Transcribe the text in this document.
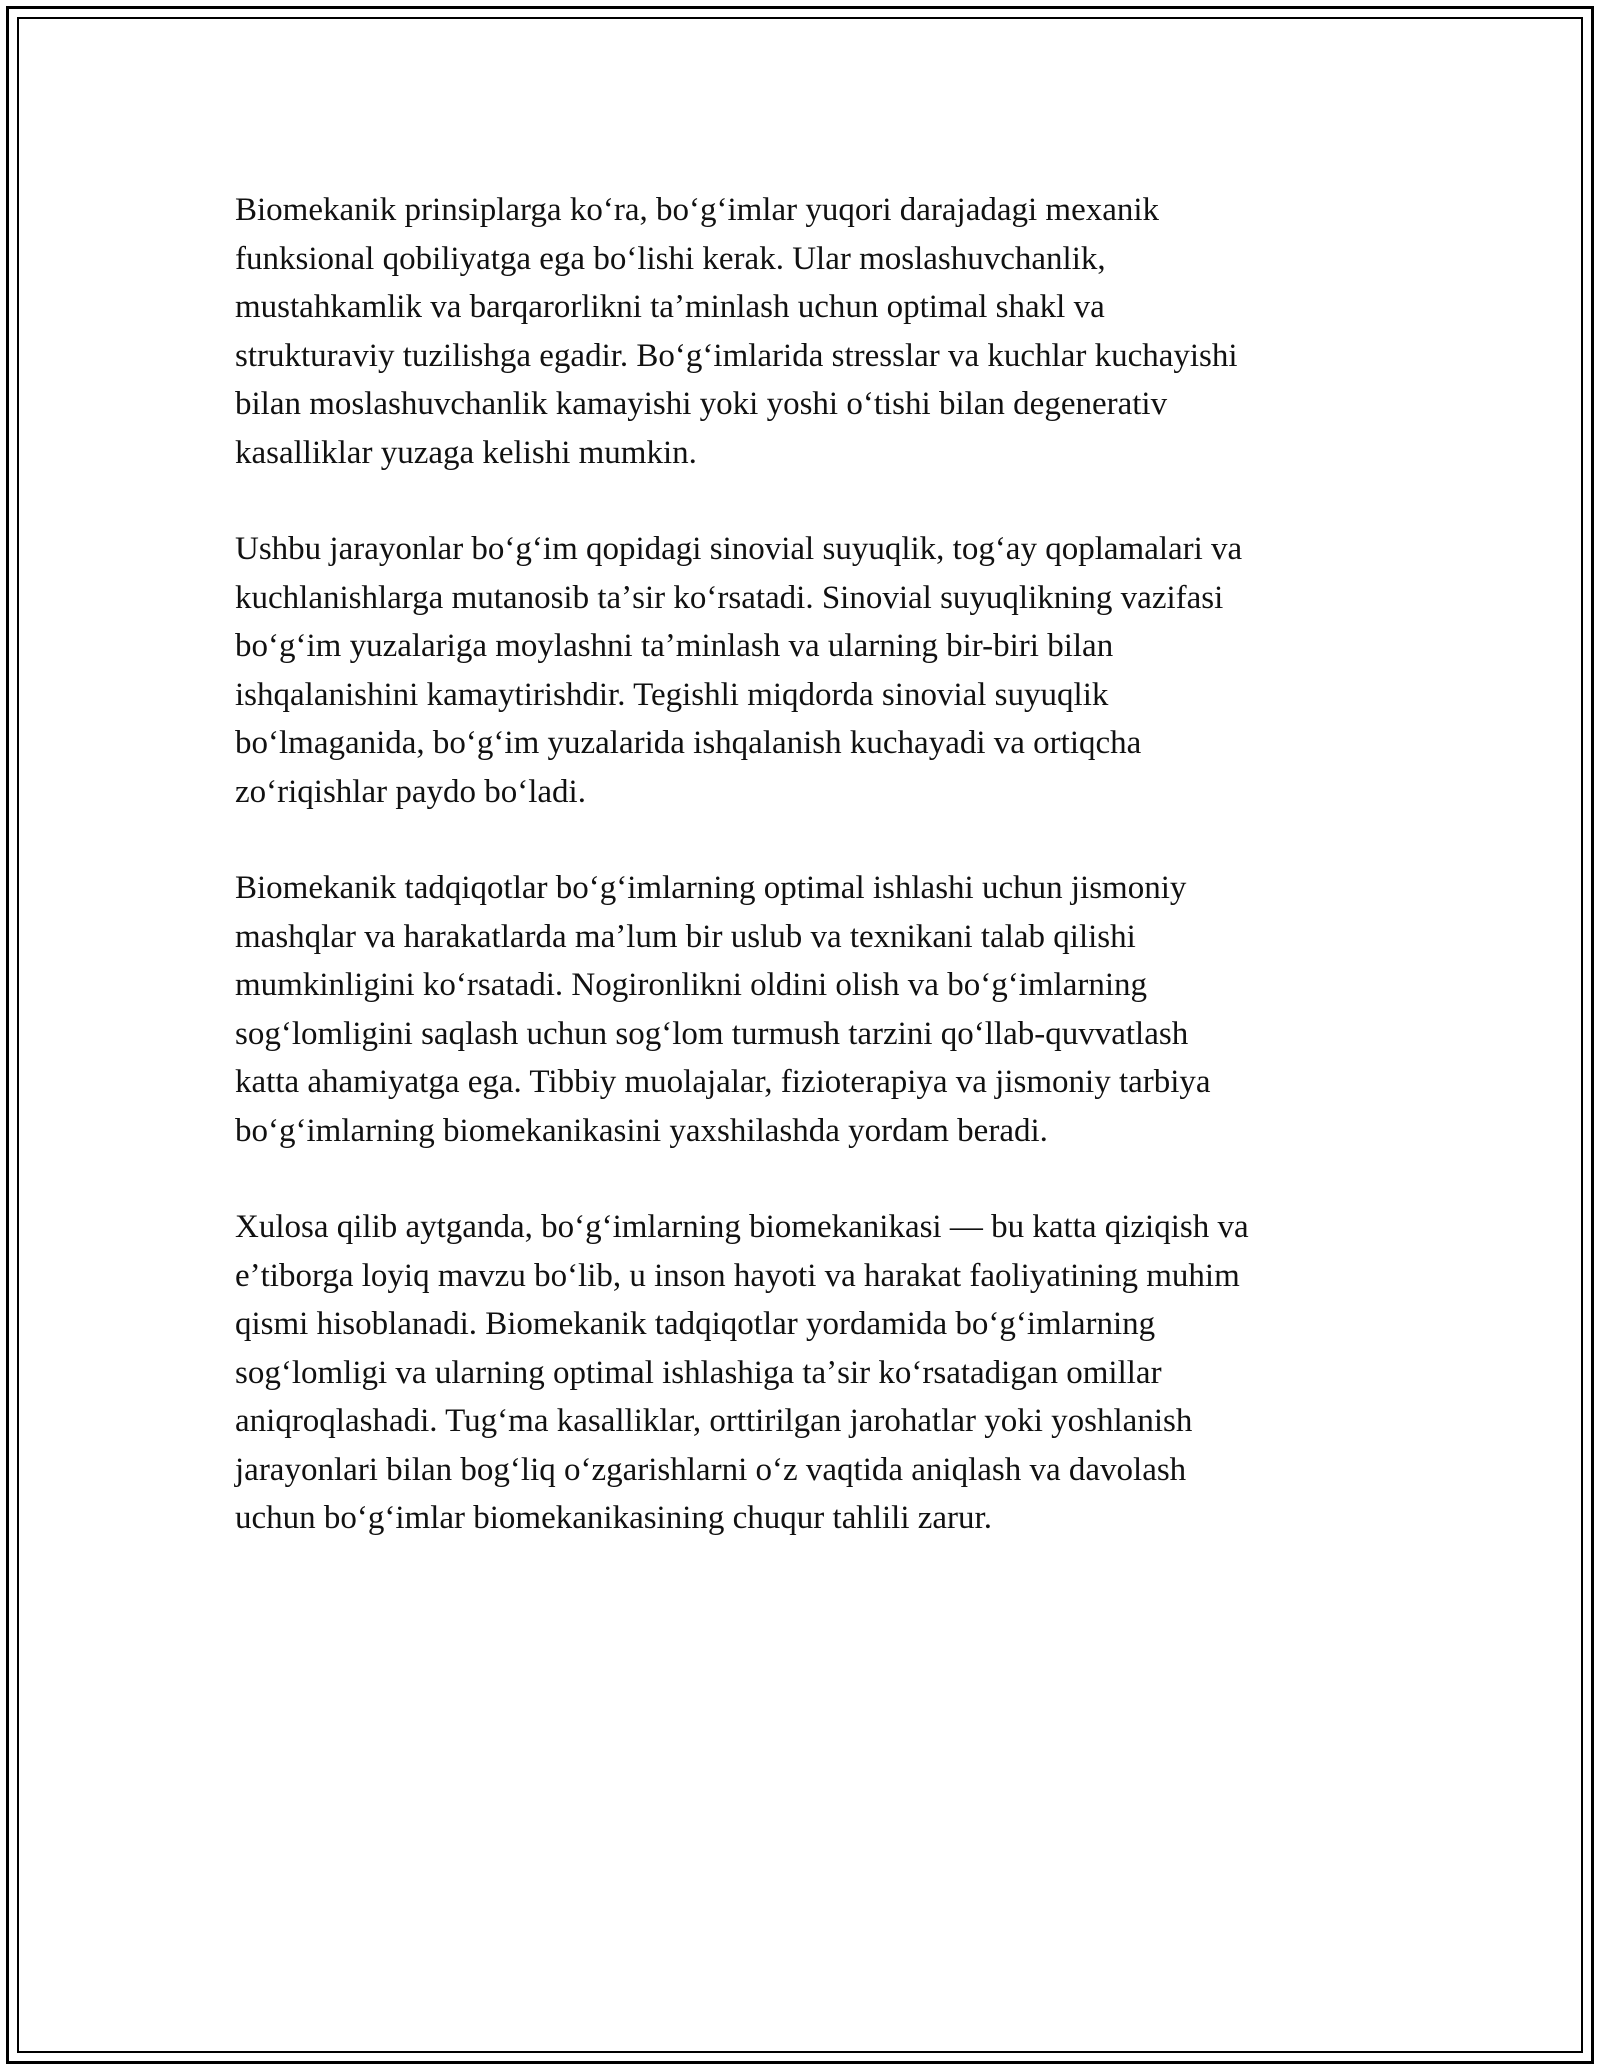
Biomekanik prinsiplarga koʻra, boʻgʻimlar yuqori darajadagi mexanik
funksional qobiliyatga ega boʻlishi kerak. Ular moslashuvchanlik,
mustahkamlik va barqarorlikni taʼminlash uchun optimal shakl va
strukturaviy tuzilishga egadir. Boʻgʻimlarida stresslar va kuchlar kuchayishi
bilan moslashuvchanlik kamayishi yoki yoshi oʻtishi bilan degenerativ
kasalliklar yuzaga kelishi mumkin.

Ushbu jarayonlar boʻgʻim qopidagi sinovial suyuqlik, togʻay qoplamalari va
kuchlanishlarga mutanosib taʼsir koʻrsatadi. Sinovial suyuqlikning vazifasi
boʻgʻim yuzalariga moylashni taʼminlash va ularning bir-biri bilan
ishqalanishini kamaytirishdir. Tegishli miqdorda sinovial suyuqlik
boʻlmaganida, boʻgʻim yuzalarida ishqalanish kuchayadi va ortiqcha
zoʻriqishlar paydo boʻladi.

Biomekanik tadqiqotlar boʻgʻimlarning optimal ishlashi uchun jismoniy
mashqlar va harakatlarda maʼlum bir uslub va texnikani talab qilishi
mumkinligini koʻrsatadi. Nogironlikni oldini olish va boʻgʻimlarning
sogʻlomligini saqlash uchun sogʻlom turmush tarzini qoʻllab-quvvatlash
katta ahamiyatga ega. Tibbiy muolajalar, fizioterapiya va jismoniy tarbiya
boʻgʻimlarning biomekanikasini yaxshilashda yordam beradi.

Xulosa qilib aytganda, boʻgʻimlarning biomekanikasi — bu katta qiziqish va
eʼtiborga loyiq mavzu boʻlib, u inson hayoti va harakat faoliyatining muhim
qismi hisoblanadi. Biomekanik tadqiqotlar yordamida boʻgʻimlarning
sogʻlomligi va ularning optimal ishlashiga taʼsir koʻrsatadigan omillar
aniqroqlashadi. Tugʻma kasalliklar, orttirilgan jarohatlar yoki yoshlanish
jarayonlari bilan bogʻliq oʻzgarishlarni oʻz vaqtida aniqlash va davolash
uchun boʻgʻimlar biomekanikasining chuqur tahlili zarur.
